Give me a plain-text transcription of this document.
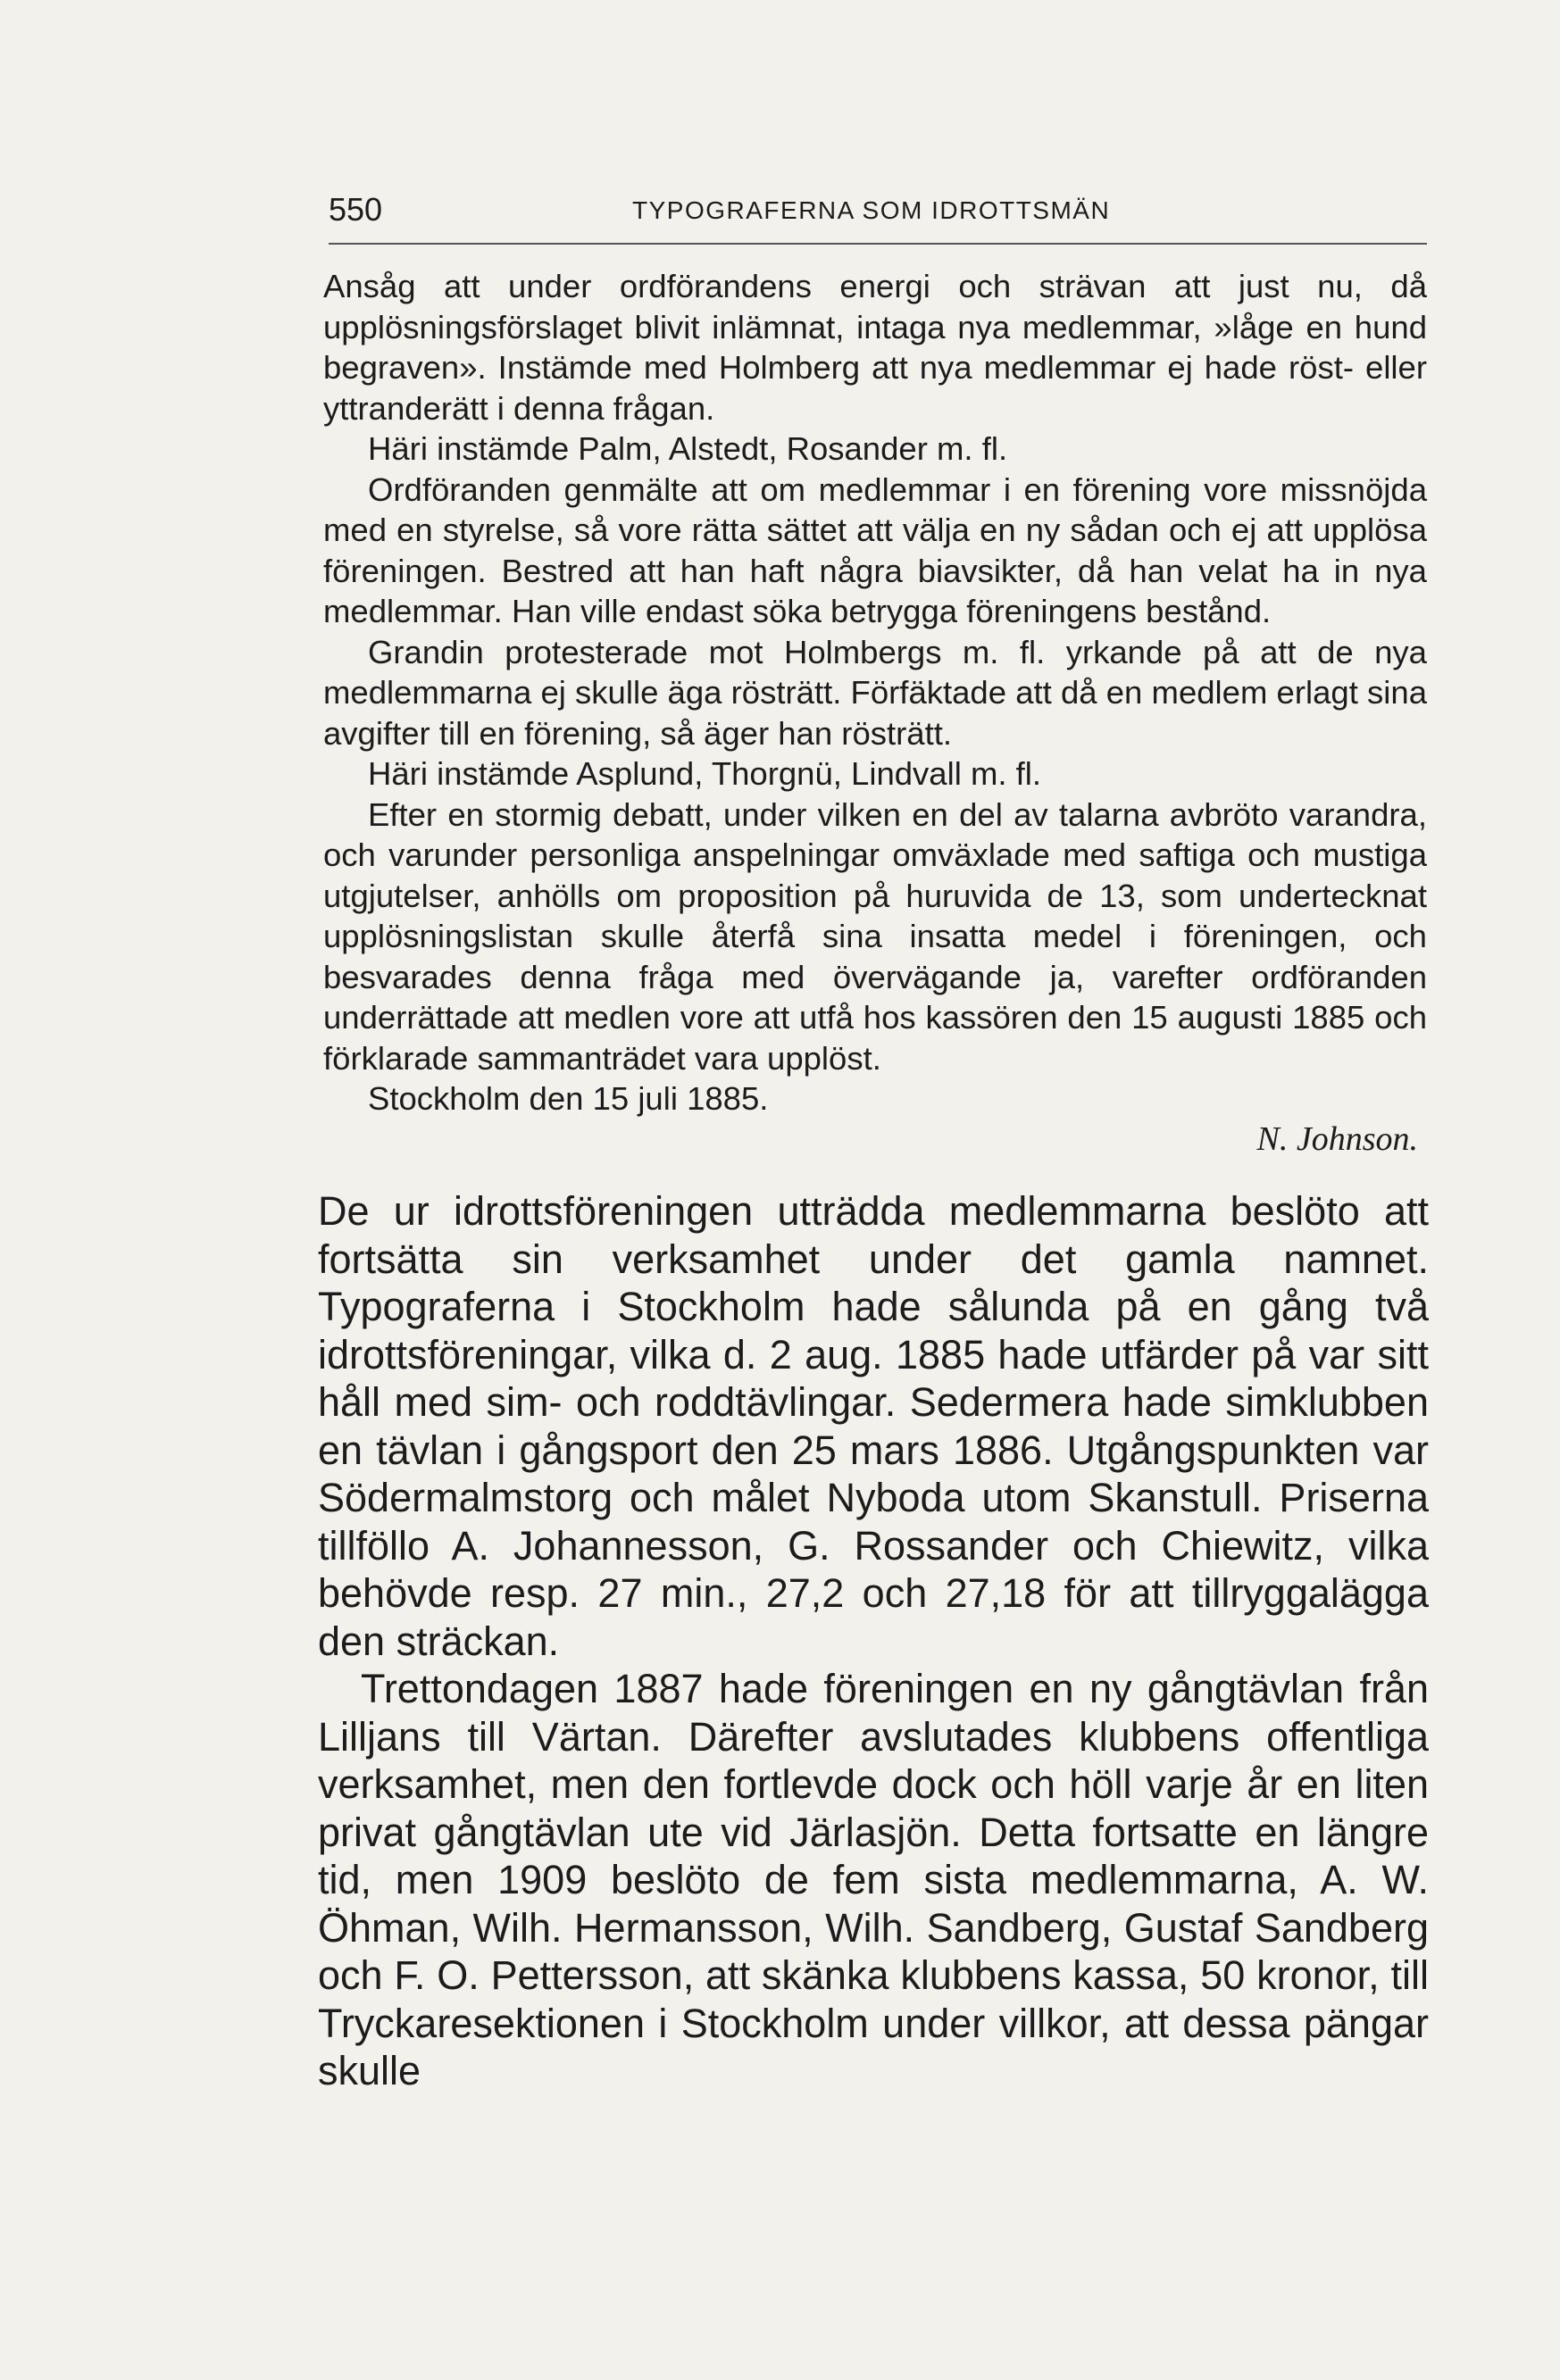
550	TYPOGRAFERNA SOM IDROTTSMÄN

Ansåg att under ordförandens energi och strävan att just nu, då upplösningsförslaget blivit inlämnat, intaga nya medlemmar, »låge en hund begraven». Instämde med Holmberg att nya medlemmar ej hade röst- eller yttranderätt i denna frågan.

Häri instämde Palm, Alstedt, Rosander m. fl.

Ordföranden genmälte att om medlemmar i en förening vore missnöjda med en styrelse, så vore rätta sättet att välja en ny sådan och ej att upplösa föreningen. Bestred att han haft några biavsikter, då han velat ha in nya medlemmar. Han ville endast söka betrygga föreningens bestånd.

Grandin protesterade mot Holmbergs m. fl. yrkande på att de nya medlemmarna ej skulle äga rösträtt. Förfäktade att då en medlem erlagt sina avgifter till en förening, så äger han rösträtt.

Häri instämde Asplund, Thorgnü, Lindvall m. fl.

Efter en stormig debatt, under vilken en del av talarna avbröto varandra, och varunder personliga anspelningar omväxlade med saftiga och mustiga utgjutelser, anhölls om proposition på huruvida de 13, som undertecknat upplösningslistan skulle återfå sina insatta medel i föreningen, och besvarades denna fråga med övervägande ja, varefter ordföranden underrättade att medlen vore att utfå hos kassören den 15 augusti 1885 och förklarade sammanträdet vara upplöst.

Stockholm den 15 juli 1885.

N. Johnson.

De ur idrottsföreningen utträdda medlemmarna beslöto att fortsätta sin verksamhet under det gamla namnet. Typograferna i Stockholm hade sålunda på en gång två idrottsföreningar, vilka d. 2 aug. 1885 hade utfärder på var sitt håll med sim- och roddtävlingar. Sedermera hade simklubben en tävlan i gångsport den 25 mars 1886. Utgångspunkten var Södermalmstorg och målet Nyboda utom Skanstull. Priserna tillföllo A. Johannesson, G. Rossander och Chiewitz, vilka behövde resp. 27 min., 27,2 och 27,18 för att tillryggalägga den sträckan.

Trettondagen 1887 hade föreningen en ny gångtävlan från Lilljans till Värtan. Därefter avslutades klubbens offentliga verksamhet, men den fortlevde dock och höll varje år en liten privat gångtävlan ute vid Järlasjön. Detta fortsatte en längre tid, men 1909 beslöto de fem sista medlemmarna, A. W. Öhman, Wilh. Hermansson, Wilh. Sandberg, Gustaf Sandberg och F. O. Pettersson, att skänka klubbens kassa, 50 kronor, till Tryckaresektionen i Stockholm under villkor, att dessa pängar skulle
